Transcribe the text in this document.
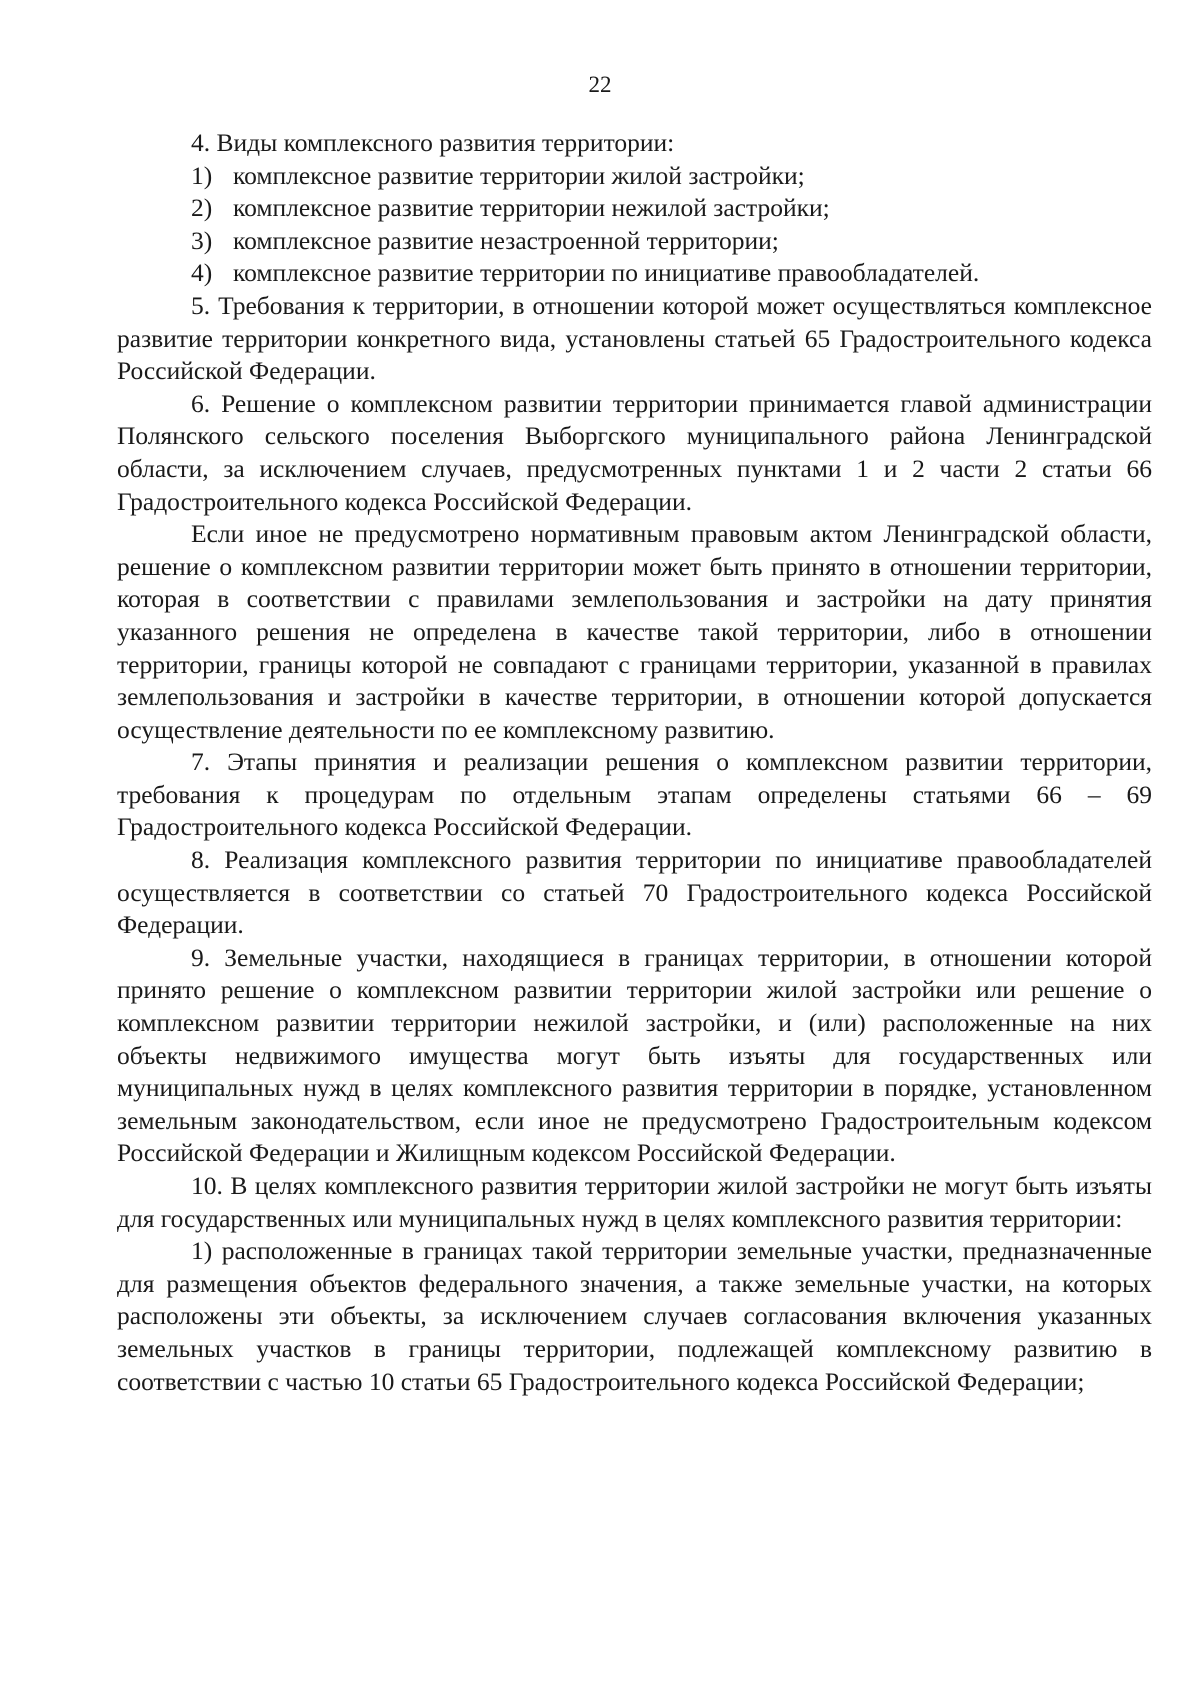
22

4. Виды комплексного развития территории:

1) комплексное развитие территории жилой застройки;
2) комплексное развитие территории нежилой застройки;
3) комплексное развитие незастроенной территории;
4) комплексное развитие территории по инициативе правообладателей.

5. Требования к территории, в отношении которой может осуществляться комплексное развитие территории конкретного вида, установлены статьей 65 Градостроительного кодекса Российской Федерации.

6. Решение о комплексном развитии территории принимается главой администрации Полянского сельского поселения Выборгского муниципального района Ленинградской области, за исключением случаев, предусмотренных пунктами 1 и 2 части 2 статьи 66 Градостроительного кодекса Российской Федерации.

Если иное не предусмотрено нормативным правовым актом Ленинградской области, решение о комплексном развитии территории может быть принято в отношении территории, которая в соответствии с правилами землепользования и застройки на дату принятия указанного решения не определена в качестве такой территории, либо в отношении территории, границы которой не совпадают с границами территории, указанной в правилах землепользования и застройки в качестве территории, в отношении которой допускается осуществление деятельности по ее комплексному развитию.

7. Этапы принятия и реализации решения о комплексном развитии территории, требования к процедурам по отдельным этапам определены статьями 66 – 69 Градостроительного кодекса Российской Федерации.

8. Реализация комплексного развития территории по инициативе правообладателей осуществляется в соответствии со статьей 70 Градостроительного кодекса Российской Федерации.

9. Земельные участки, находящиеся в границах территории, в отношении которой принято решение о комплексном развитии территории жилой застройки или решение о комплексном развитии территории нежилой застройки, и (или) расположенные на них объекты недвижимого имущества могут быть изъяты для государственных или муниципальных нужд в целях комплексного развития территории в порядке, установленном земельным законодательством, если иное не предусмотрено Градостроительным кодексом Российской Федерации и Жилищным кодексом Российской Федерации.

10. В целях комплексного развития территории жилой застройки не могут быть изъяты для государственных или муниципальных нужд в целях комплексного развития территории:

1) расположенные в границах такой территории земельные участки, предназначенные для размещения объектов федерального значения, а также земельные участки, на которых расположены эти объекты, за исключением случаев согласования включения указанных земельных участков в границы территории, подлежащей комплексному развитию в соответствии с частью 10 статьи 65 Градостроительного кодекса Российской Федерации;
